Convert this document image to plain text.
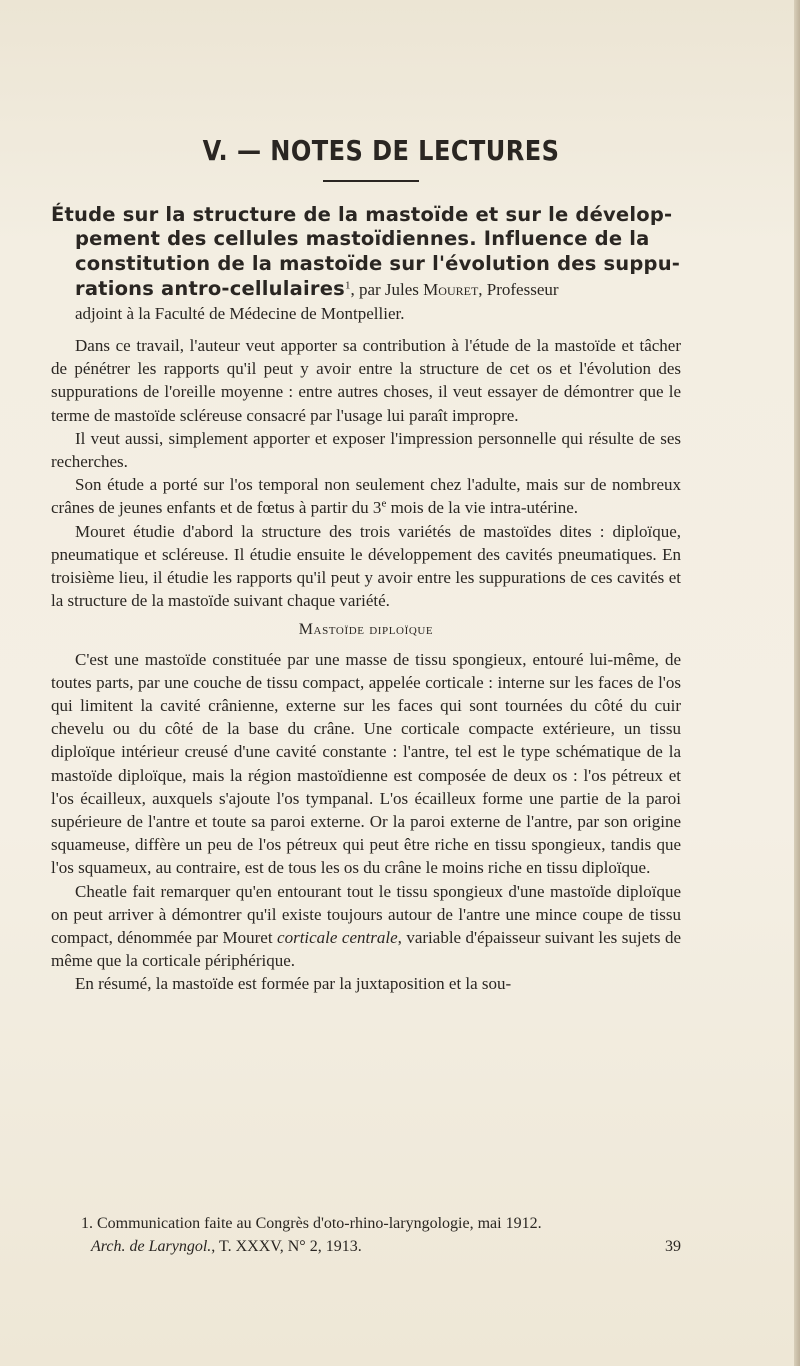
V. — NOTES DE LECTURES
Étude sur la structure de la mastoïde et sur le dévelop-
pement des cellules mastoïdiennes. Influence de la
constitution de la mastoïde sur l'évolution des suppu-
rations antro-cellulaires$^1$, par Jules Mouret, Professeur
adjoint à la Faculté de Médecine de Montpellier.

Dans ce travail, l'auteur veut apporter sa contribution à l'étude de la mastoïde et tâcher de pénétrer les rapports qu'il peut y avoir entre la structure de cet os et l'évolution des suppurations de l'oreille moyenne : entre autres choses, il veut essayer de démontrer que le terme de mastoïde scléreuse consacré par l'usage lui paraît impropre.

Il veut aussi, simplement apporter et exposer l'impression personnelle qui résulte de ses recherches.

Son étude a porté sur l'os temporal non seulement chez l'adulte, mais sur de nombreux crânes de jeunes enfants et de fœtus à partir du 3e mois de la vie intra-utérine.

Mouret étudie d'abord la structure des trois variétés de mastoïdes dites : diploïque, pneumatique et scléreuse. Il étudie ensuite le développement des cavités pneumatiques. En troisième lieu, il étudie les rapports qu'il peut y avoir entre les suppurations de ces cavités et la structure de la mastoïde suivant chaque variété.

Mastoïde diploïque

C'est une mastoïde constituée par une masse de tissu spongieux, entouré lui-même, de toutes parts, par une couche de tissu compact, appelée corticale : interne sur les faces de l'os qui limitent la cavité crânienne, externe sur les faces qui sont tournées du côté du cuir chevelu ou du côté de la base du crâne. Une corticale compacte extérieure, un tissu diploïque intérieur creusé d'une cavité constante : l'antre, tel est le type schématique de la mastoïde diploïque, mais la région mastoïdienne est composée de deux os : l'os pétreux et l'os écailleux, auxquels s'ajoute l'os tympanal. L'os écailleux forme une partie de la paroi supérieure de l'antre et toute sa paroi externe. Or la paroi externe de l'antre, par son origine squameuse, diffère un peu de l'os pétreux qui peut être riche en tissu spongieux, tandis que l'os squameux, au contraire, est de tous les os du crâne le moins riche en tissu diploïque.

Cheatle fait remarquer qu'en entourant tout le tissu spongieux d'une mastoïde diploïque on peut arriver à démontrer qu'il existe toujours autour de l'antre une mince coupe de tissu compact, dénommée par Mouret corticale centrale, variable d'épaisseur suivant les sujets de même que la corticale périphérique.

En résumé, la mastoïde est formée par la juxtaposition et la sou-

1. Communication faite au Congrès d'oto-rhino-laryngologie, mai 1912.
Arch. de Laryngol., T. XXXV, N° 2, 1913.	39
